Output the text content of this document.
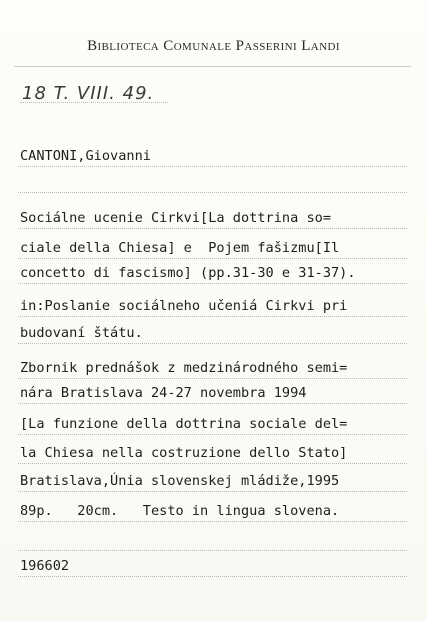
Biblioteca Comunale Passerini Landi
18 T. VIII. 49.
CANTONI,Giovanni
Sociálne ucenie Cirkvi[La dottrina so=
ciale della Chiesa] e  Pojem fašizmu[Il
concetto di fascismo] (pp.31-30 e 31-37).
in:Poslanie sociálneho učeniá Cirkvi pri
budovaní štátu.
Zbornik prednášok z medzinárodného semi=
nára Bratislava 24-27 novembra 1994
[La funzione della dottrina sociale del=
la Chiesa nella costruzione dello Stato]
Bratislava,Únia slovenskej mládiže,1995
89p.   20cm.   Testo in lingua slovena.
196602
